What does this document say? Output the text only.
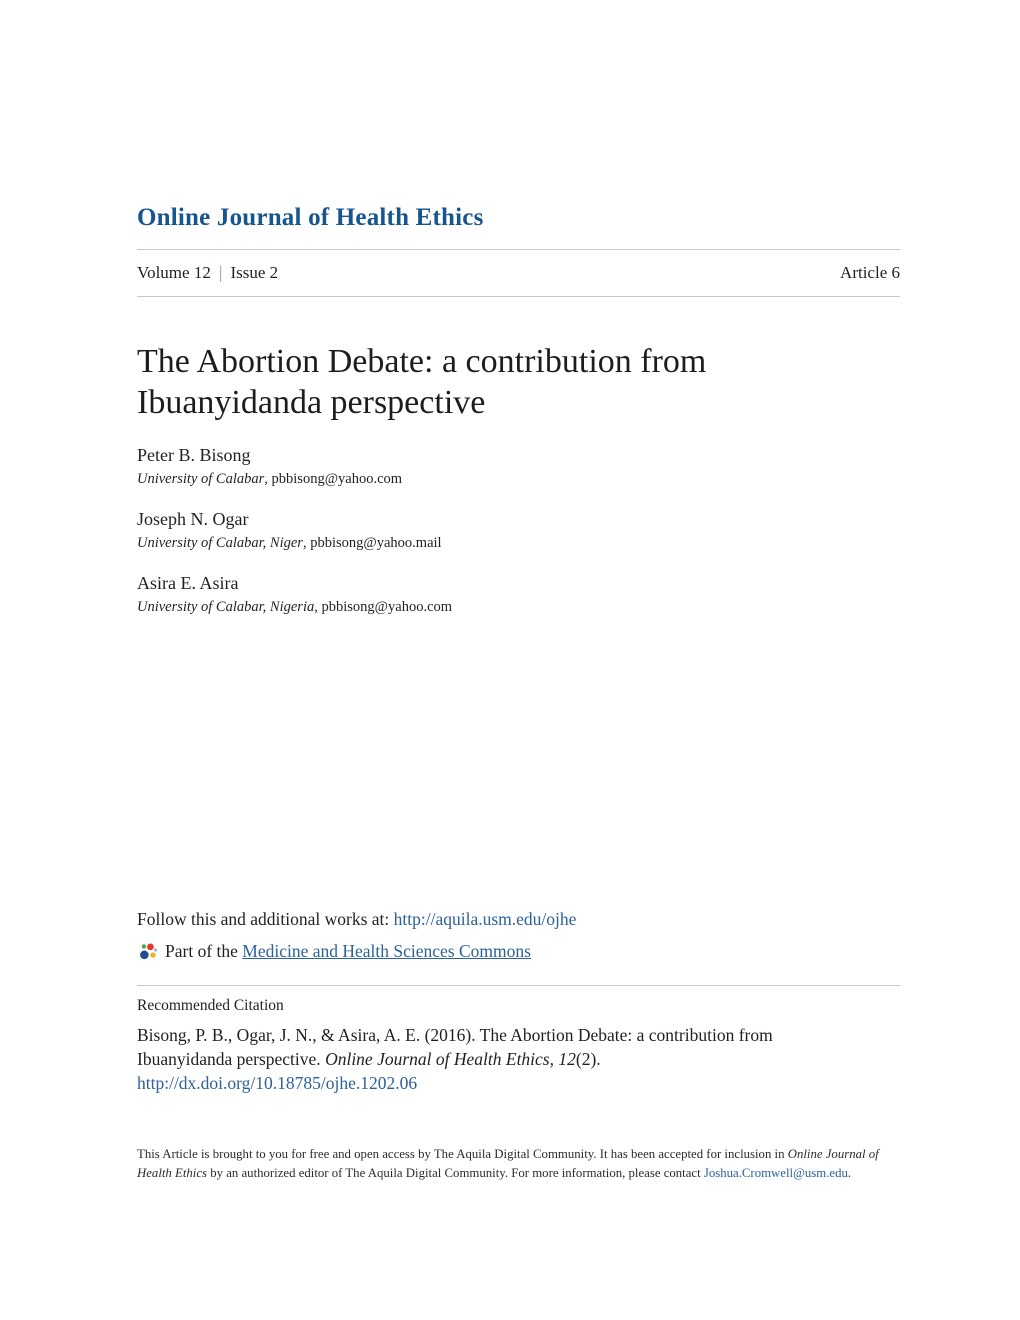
Online Journal of Health Ethics
Volume 12 | Issue 2	Article 6
The Abortion Debate: a contribution from
Ibuanyidanda perspective
Peter B. Bisong
University of Calabar, pbbisong@yahoo.com
Joseph N. Ogar
University of Calabar, Niger, pbbisong@yahoo.mail
Asira E. Asira
University of Calabar, Nigeria, pbbisong@yahoo.com
Follow this and additional works at: http://aquila.usm.edu/ojhe
Part of the Medicine and Health Sciences Commons
Recommended Citation
Bisong, P. B., Ogar, J. N., & Asira, A. E. (2016). The Abortion Debate: a contribution from Ibuanyidanda perspective. Online Journal of Health Ethics, 12(2). http://dx.doi.org/10.18785/ojhe.1202.06
This Article is brought to you for free and open access by The Aquila Digital Community. It has been accepted for inclusion in Online Journal of Health Ethics by an authorized editor of The Aquila Digital Community. For more information, please contact Joshua.Cromwell@usm.edu.
